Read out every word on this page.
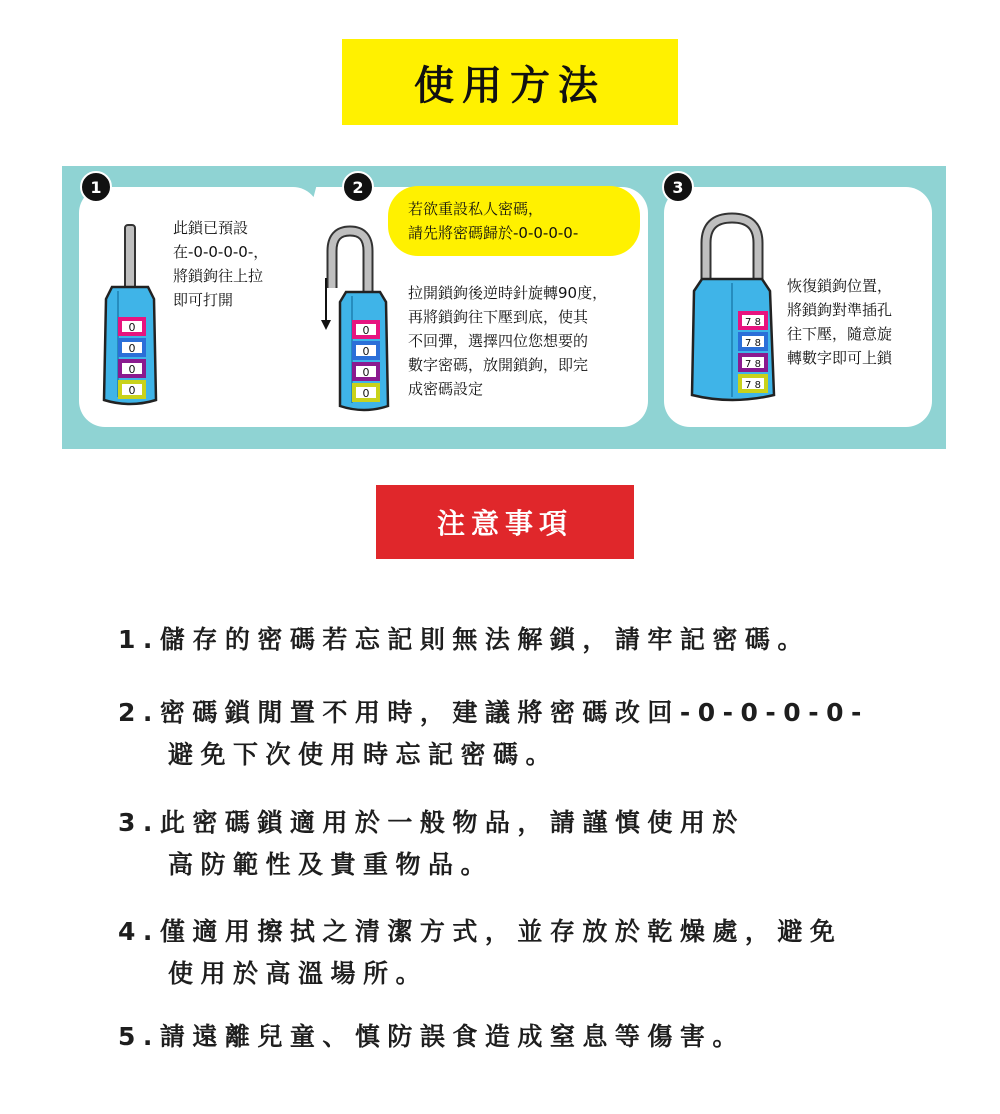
使用方法
1	2	3
0
0
0
0
此鎖已預設
在-0-0-0-0-，
將鎖鉤往上拉
即可打開
0
0
0
0
若欲重設私人密碼，
請先將密碼歸於-0-0-0-0-
拉開鎖鉤後逆時針旋轉90度，
再將鎖鉤往下壓到底，使其
不回彈，選擇四位您想要的
數字密碼，放開鎖鉤，即完
成密碼設定
7 8
7 8
7 8
7 8
恢復鎖鉤位置，
將鎖鉤對準插孔
往下壓，隨意旋
轉數字即可上鎖
注意事項
1.儲存的密碼若忘記則無法解鎖，請牢記密碼。
2.密碼鎖閒置不用時，建議將密碼改回-0-0-0-0-
避免下次使用時忘記密碼。
3.此密碼鎖適用於一般物品，請謹慎使用於
高防範性及貴重物品。
4.僅適用擦拭之清潔方式，並存放於乾燥處，避免
使用於高溫場所。
5.請遠離兒童、慎防誤食造成窒息等傷害。
